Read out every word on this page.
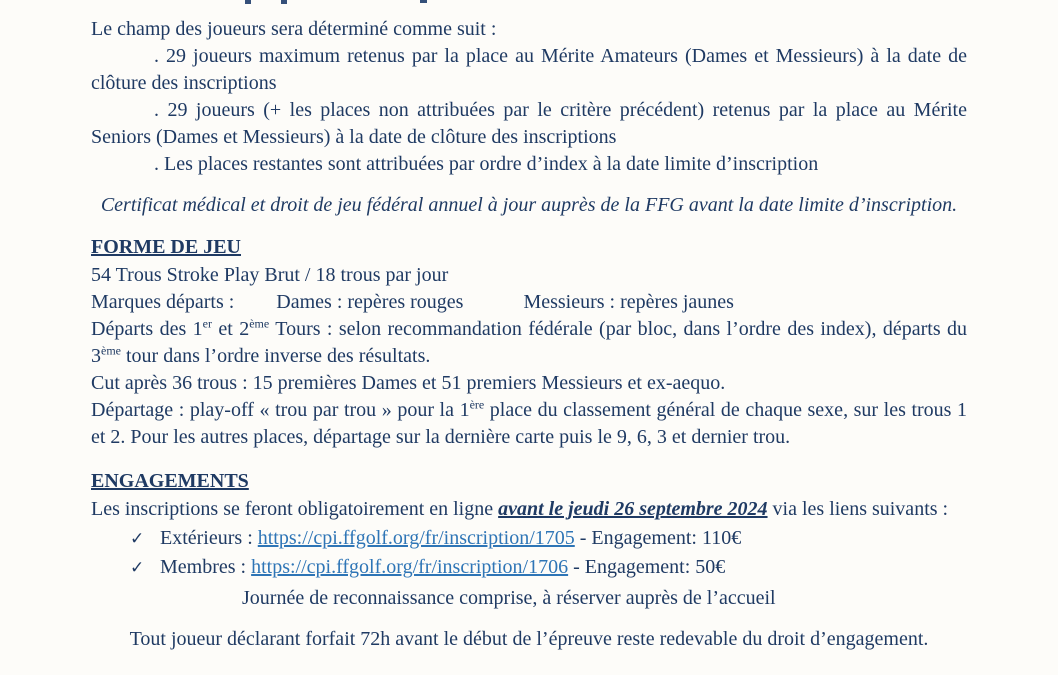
Le champ des joueurs sera déterminé comme suit :

. 29 joueurs maximum retenus par la place au Mérite Amateurs (Dames et Messieurs) à la date de clôture des inscriptions

. 29 joueurs (+ les places non attribuées par le critère précédent) retenus par la place au Mérite Seniors (Dames et Messieurs) à la date de clôture des inscriptions

. Les places restantes sont attribuées par ordre d’index à la date limite d’inscription

Certificat médical et droit de jeu fédéral annuel à jour auprès de la FFG avant la date limite d’inscription.

FORME DE JEU

54 Trous Stroke Play Brut / 18 trous par jour

Marques départs : Dames : repères rouges	Messieurs : repères jaunes

Départs des 1er et 2ème Tours : selon recommandation fédérale (par bloc, dans l’ordre des index), départs du 3ème tour dans l’ordre inverse des résultats.

Cut après 36 trous : 15 premières Dames et 51 premiers Messieurs et ex-aequo.

Départage : play-off « trou par trou » pour la 1ère place du classement général de chaque sexe, sur les trous 1 et 2. Pour les autres places, départage sur la dernière carte puis le 9, 6, 3 et dernier trou.

ENGAGEMENTS

Les inscriptions se feront obligatoirement en ligne avant le jeudi 26 septembre 2024 via les liens suivants :

✓ Extérieurs : https://cpi.ffgolf.org/fr/inscription/1705 - Engagement: 110€
✓ Membres : https://cpi.ffgolf.org/fr/inscription/1706 - Engagement: 50€

Journée de reconnaissance comprise, à réserver auprès de l’accueil

Tout joueur déclarant forfait 72h avant le début de l’épreuve reste redevable du droit d’engagement.
